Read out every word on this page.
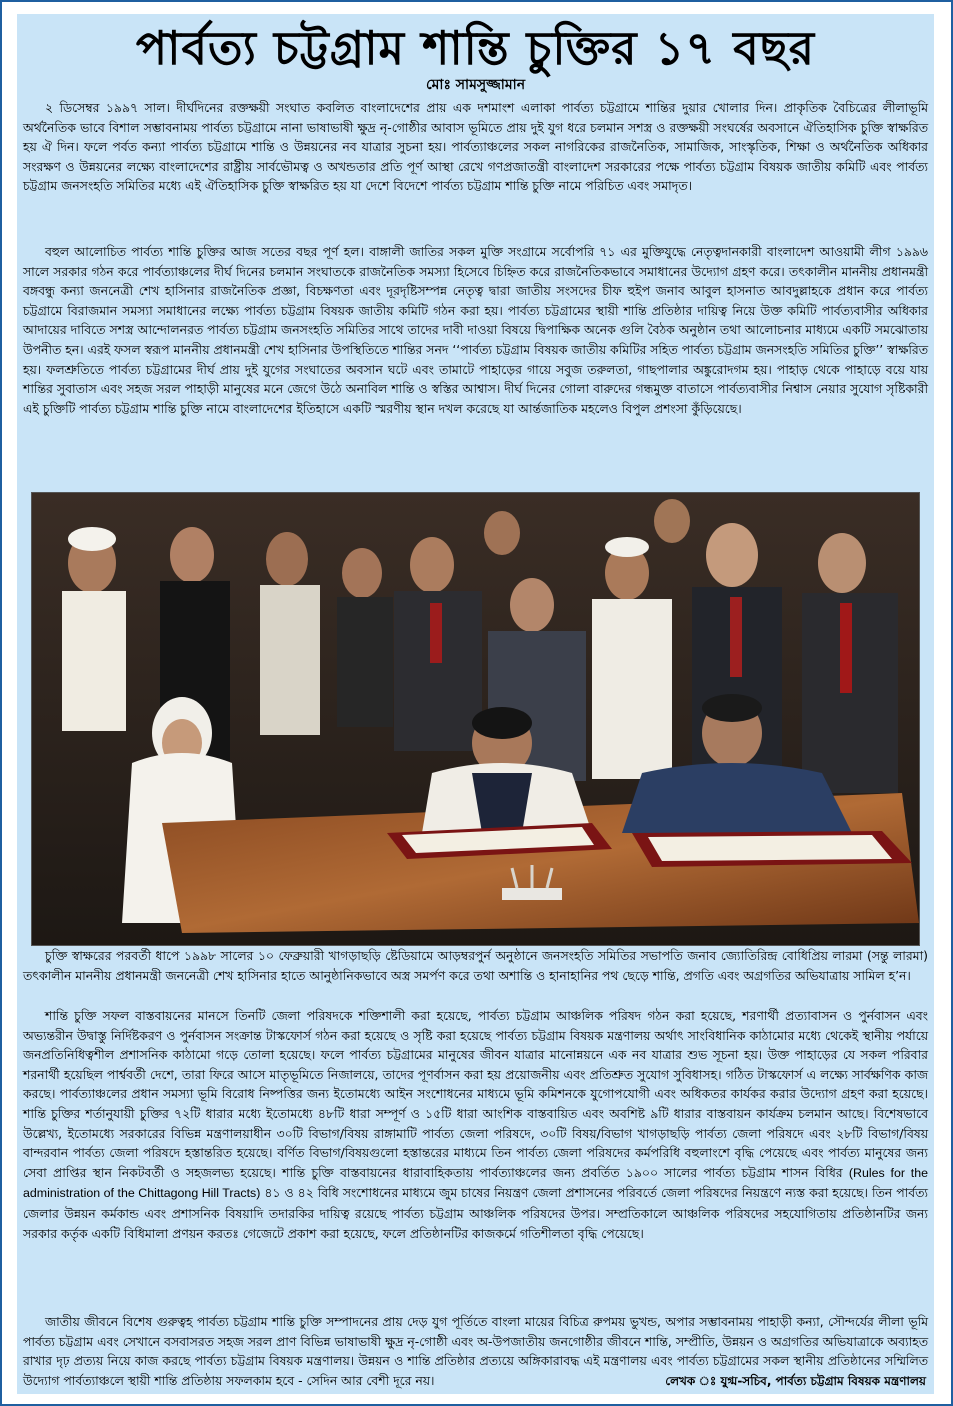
পার্বত্য চট্টগ্রাম শান্তি চুক্তির ১৭ বছর
মোঃ সামসুজ্জামান

২ ডিসেম্বর ১৯৯৭ সাল। দীর্ঘদিনের রক্তক্ষয়ী সংঘাত কবলিত বাংলাদেশের প্রায় এক দশমাংশ এলাকা পার্বত্য চট্টগ্রামে শান্তির দুয়ার খোলার দিন। প্রাকৃতিক বৈচিত্রের লীলাভূমি অর্থনৈতিক ভাবে বিশাল সম্ভাবনাময় পার্বত্য চট্টগ্রামে নানা ভাষাভাষী ক্ষুদ্র নৃ-গোষ্ঠীর আবাস ভূমিতে প্রায় দুই যুগ ধরে চলমান সশস্ত্র ও রক্তক্ষয়ী সংঘর্ষের অবসানে ঐতিহাসিক চুক্তি স্বাক্ষরিত হয় ঐ দিন। ফলে পর্বত কন্যা পার্বত্য চট্টগ্রামে শান্তি ও উন্নয়নের নব যাত্রার সুচনা হয়। পার্বত্যাঞ্চলের সকল নাগরিকের রাজনৈতিক, সামাজিক, সাংস্কৃতিক, শিক্ষা ও অর্থনৈতিক অধিকার সংরক্ষণ ও উন্নয়নের লক্ষ্যে বাংলাদেশের রাষ্ট্রীয় সার্বভৌমত্ব ও অখন্ডতার প্রতি পূর্ণ আস্থা রেখে গণপ্রজাতন্ত্রী বাংলাদেশ সরকারের পক্ষে পার্বত্য চট্টগ্রাম বিষয়ক জাতীয় কমিটি এবং পার্বত্য চট্টগ্রাম জনসংহতি সমিতির মধ্যে এই ঐতিহাসিক চুক্তি স্বাক্ষরিত হয় যা দেশে বিদেশে পার্বত্য চট্টগ্রাম শান্তি চুক্তি নামে পরিচিত এবং সমাদৃত।

বহুল আলোচিত পার্বত্য শান্তি চুক্তির আজ সতের বছর পূর্ণ হল। বাঙ্গালী জাতির সকল মুক্তি সংগ্রামে সর্বোপরি ৭১ এর মুক্তিযুদ্ধে নেতৃত্বদানকারী বাংলাদেশ আওয়ামী লীগ ১৯৯৬ সালে সরকার গঠন করে পার্বত্যাঞ্চলের দীর্ঘ দিনের চলমান সংঘাতকে রাজনৈতিক সমস্যা হিসেবে চিহ্নিত করে রাজনৈতিকভাবে সমাধানের উদ্যোগ গ্রহণ করে। তৎকালীন মাননীয় প্রধানমন্ত্রী বঙ্গবন্ধু কন্যা জননেত্রী শেখ হাসিনার রাজনৈতিক প্রজ্ঞা, বিচক্ষণতা এবং দূরদৃষ্টিসম্পন্ন নেতৃত্ব দ্বারা জাতীয় সংসদের চীফ হুইপ জনাব আবুল হাসনাত আবদুল্লাহকে প্রধান করে পার্বত্য চট্টগ্রামে বিরাজমান সমস্যা সমাধানের লক্ষ্যে পার্বত্য চট্টগ্রাম বিষয়ক জাতীয় কমিটি গঠন করা হয়। পার্বত্য চট্টগ্রামের স্থায়ী শান্তি প্রতিষ্ঠার দায়িত্ব নিয়ে উক্ত কমিটি পার্বত্যবাসীর অধিকার আদায়ের দাবিতে সশস্ত্র আন্দোলনরত পার্বত্য চট্টগ্রাম জনসংহতি সমিতির সাথে তাদের দাবী দাওয়া বিষয়ে দ্বিপাক্ষিক অনেক গুলি বৈঠক অনুষ্ঠান তথা আলোচনার মাধ্যমে একটি সমঝোতায় উপনীত হন। এরই ফসল স্বরূপ মাননীয় প্রধানমন্ত্রী শেখ হাসিনার উপস্থিতিতে শান্তির সনদ ‘‘পার্বত্য চট্টগ্রাম বিষয়ক জাতীয় কমিটির সহিত পার্বত্য চট্টগ্রাম জনসংহতি সমিতির চুক্তি’’ স্বাক্ষরিত হয়। ফলশ্রুতিতে পার্বত্য চট্টগ্রামের দীর্ঘ প্রায় দুই যুগের সংঘাতের অবসান ঘটে এবং তামাটে পাহাড়ের গায়ে সবুজ তরুলতা, গাছপালার অঙ্কুরোদগম হয়। পাহাড় থেকে পাহাড়ে বয়ে যায় শান্তির সুবাতাস এবং সহজ সরল পাহাড়ী মানুষের মনে জেগে উঠে অনাবিল শান্তি ও স্বস্তির আশ্বাস। দীর্ঘ দিনের গোলা বারুদের গন্ধমুক্ত বাতাসে পার্বত্যবাসীর নিশ্বাস নেয়ার সুযোগ সৃষ্টিকারী এই চুক্তিটি পার্বত্য চট্টগ্রাম শান্তি চুক্তি নামে বাংলাদেশের ইতিহাসে একটি স্মরণীয় স্থান দখল করেছে যা আর্ন্তজাতিক মহলেও বিপুল প্রশংসা কুঁড়িয়েছে।

চুক্তি স্বাক্ষরের পরবর্তী ধাপে ১৯৯৮ সালের ১০ ফেব্রুয়ারী খাগড়াছড়ি ষ্টেডিয়ামে আড়ম্বরপুর্ন অনুষ্ঠানে জনসংহতি সমিতির সভাপতি জনাব জ্যোতিরিন্দ্র বোধিপ্রিয় লারমা (সন্তু লারমা) তৎকালীন মাননীয় প্রধানমন্ত্রী জননেত্রী শেখ হাসিনার হাতে আনুষ্ঠানিকভাবে অস্ত্র সমর্পণ করে তথা অশান্তি ও হানাহানির পথ ছেড়ে শান্তি, প্রগতি এবং অগ্রগতির অভিযাত্রায় সামিল হ’ন।

শান্তি চুক্তি সফল বাস্তবায়নের মানসে তিনটি জেলা পরিষদকে শক্তিশালী করা হয়েছে, পার্বত্য চট্টগ্রাম আঞ্চলিক পরিষদ গঠন করা হয়েছে, শরণার্থী প্রত্যাবাসন ও পুর্নবাসন এবং অভ্যন্তরীন উদ্বাস্তু নির্দিষ্টকরণ ও পুর্নবাসন সংক্রান্ত টাস্কফোর্স গঠন করা হয়েছে ও সৃষ্টি করা হয়েছে পার্বত্য চট্টগ্রাম বিষয়ক মন্ত্রণালয় অর্থাৎ সাংবিধানিক কাঠামোর মধ্যে থেকেই স্থানীয় পর্যায়ে জনপ্রতিনিধিত্বশীল প্রশাসনিক কাঠামো গড়ে তোলা হয়েছে। ফলে পার্বত্য চট্টগ্রামের মানুষের জীবন যাত্রার মানোন্নয়নে এক নব যাত্রার শুভ সূচনা হয়। উক্ত পাহাড়ের যে সকল পরিবার শরনার্থী হয়েছিল পার্শ্ববর্তী দেশে, তারা ফিরে আসে মাতৃভূমিতে নিজালয়ে, তাদের পূণর্বাসন করা হয় প্রয়োজনীয় এবং প্রতিশ্রুত সুযোগ সুবিধাসহ। গঠিত টাস্কফোর্স এ লক্ষ্যে সার্বক্ষণিক কাজ করছে। পার্বত্যাঞ্চলের প্রধান সমস্যা ভূমি বিরোধ নিষ্পত্তির জন্য ইতোমধ্যে আইন সংশোধনের মাধ্যমে ভূমি কমিশনকে যুগোপযোগী এবং অধিকতর কার্যকর করার উদ্যোগ গ্রহণ করা হয়েছে। শান্তি চুক্তির শর্তানুযায়ী চুক্তির ৭২টি ধারার মধ্যে ইতোমধ্যে ৪৮টি ধারা সম্পূর্ণ ও ১৫টি ধারা আংশিক বাস্তবায়িত এবং অবশিষ্ট ৯টি ধারার বাস্তবায়ন কার্যক্রম চলমান আছে। বিশেষভাবে উল্লেখ্য, ইতোমধ্যে সরকারের বিভিন্ন মন্ত্রণালয়াধীন ৩০টি বিভাগ/বিষয় রাঙ্গামাটি পার্বত্য জেলা পরিষদে, ৩০টি বিষয়/বিভাগ খাগড়াছড়ি পার্বত্য জেলা পরিষদে এবং ২৮টি বিভাগ/বিষয় বান্দরবান পার্বত্য জেলা পরিষদে হস্তান্তরিত হয়েছে। বর্ণিত বিভাগ/বিষয়গুলো হস্তান্তরের মাধ্যমে তিন পার্বত্য জেলা পরিষদের কর্মপরিধি বহুলাংশে বৃদ্ধি পেয়েছে এবং পার্বত্য মানুষের জন্য সেবা প্রাপ্তির স্থান নিকটবর্তী ও সহজলভ্য হয়েছে। শান্তি চুক্তি বাস্তবায়নের ধারাবাহিকতায় পার্বত্যাঞ্চলের জন্য প্রবর্তিত ১৯০০ সালের পার্বত্য চট্টগ্রাম শাসন বিধির (Rules for the administration of the Chittagong Hill Tracts) ৪১ ও ৪২ বিধি সংশোধনের মাধ্যমে জুম চাষের নিয়ন্ত্রণ জেলা প্রশাসনের পরিবর্তে জেলা পরিষদের নিয়ন্ত্রণে ন্যস্ত করা হয়েছে। তিন পার্বত্য জেলার উন্নয়ন কর্মকান্ড এবং প্রশাসনিক বিষয়াদি তদারকির দায়িত্ব রয়েছে পার্বত্য চট্টগ্রাম আঞ্চলিক পরিষদের উপর। সম্প্রতিকালে আঞ্চলিক পরিষদের সহযোগিতায় প্রতিষ্ঠানটির জন্য সরকার কর্তৃক একটি বিধিমালা প্রণয়ন করতঃ গেজেটে প্রকাশ করা হয়েছে, ফলে প্রতিষ্ঠানটির কাজকর্মে গতিশীলতা বৃদ্ধি পেয়েছে।

জাতীয় জীবনে বিশেষ গুরুত্বহ পার্বত্য চট্টগ্রাম শান্তি চুক্তি সম্পাদনের প্রায় দেড় যুগ পূর্তিতে বাংলা মায়ের বিচিত্র রুপময় ভুখন্ড, অপার সম্ভাবনাময় পাহাড়ী কন্যা, সৌন্দর্যের লীলা ভূমি পার্বত্য চট্টগ্রাম এবং সেখানে বসবাসরত সহজ সরল প্রাণ বিভিন্ন ভাষাভাষী ক্ষুদ্র নৃ-গোষ্ঠী এবং অ-উপজাতীয় জনগোষ্ঠীর জীবনে শান্তি, সম্প্রীতি, উন্নয়ন ও অগ্রগতির অভিযাত্রাকে অব্যাহত রাখার দৃঢ় প্রত্যয় নিয়ে কাজ করছে পার্বত্য চট্টগ্রাম বিষয়ক মন্ত্রণালয়। উন্নয়ন ও শান্তি প্রতিষ্ঠার প্রত্যয়ে অঙ্গিকারাবদ্ধ এই মন্ত্রণালয় এবং পার্বত্য চট্টগ্রামের সকল স্থানীয় প্রতিষ্ঠানের সম্মিলিত উদ্যোগ পার্বত্যাঞ্চলে স্থায়ী শান্তি প্রতিষ্ঠায় সফলকাম হবে - সেদিন আর বেশী দূরে নয়।	লেখক ঃ যুগ্ম-সচিব, পার্বত্য চট্টগ্রাম বিষয়ক মন্ত্রণালয়
